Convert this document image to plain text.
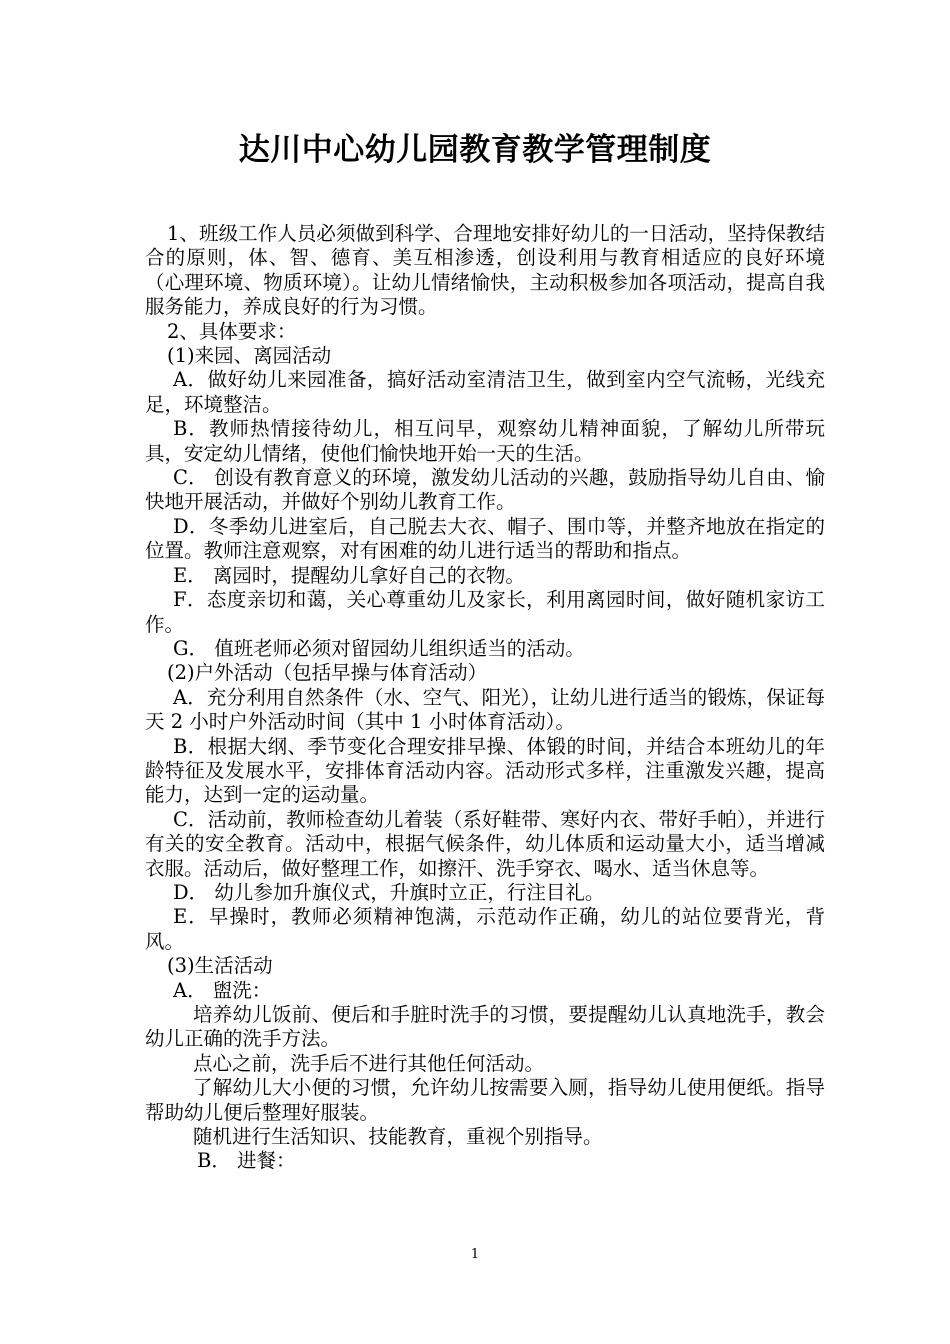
达川中心幼儿园教育教学管理制度

1、班级工作人员必须做到科学、合理地安排好幼儿的一日活动，坚持保教结合的原则，体、智、德育、美互相渗透，创设利用与教育相适应的良好环境（心理环境、物质环境）。让幼儿情绪愉快，主动积极参加各项活动，提高自我服务能力，养成良好的行为习惯。

2、具体要求：

(1)来园、离园活动

A．做好幼儿来园准备，搞好活动室清洁卫生，做到室内空气流畅，光线充足，环境整洁。

B．教师热情接待幼儿，相互问早，观察幼儿精神面貌，了解幼儿所带玩具，安定幼儿情绪，使他们愉快地开始一天的生活。

C． 创设有教育意义的环境，激发幼儿活动的兴趣，鼓励指导幼儿自由、愉快地开展活动，并做好个别幼儿教育工作。

D．冬季幼儿进室后，自己脱去大衣、帽子、围巾等，并整齐地放在指定的位置。教师注意观察，对有困难的幼儿进行适当的帮助和指点。

E． 离园时，提醒幼儿拿好自己的衣物。

F．态度亲切和蔼，关心尊重幼儿及家长，利用离园时间，做好随机家访工作。

G． 值班老师必须对留园幼儿组织适当的活动。

(2)户外活动（包括早操与体育活动）

A．充分利用自然条件（水、空气、阳光），让幼儿进行适当的锻炼，保证每天 2 小时户外活动时间（其中 1 小时体育活动）。

B．根据大纲、季节变化合理安排早操、体锻的时间，并结合本班幼儿的年龄特征及发展水平，安排体育活动内容。活动形式多样，注重激发兴趣，提高能力，达到一定的运动量。

C．活动前，教师检查幼儿着装（系好鞋带、寒好内衣、带好手帕），并进行有关的安全教育。活动中，根据气候条件，幼儿体质和运动量大小，适当增减衣服。活动后，做好整理工作，如擦汗、洗手穿衣、喝水、适当休息等。

D． 幼儿参加升旗仪式，升旗时立正，行注目礼。

E．早操时，教师必须精神饱满，示范动作正确，幼儿的站位要背光，背风。

(3)生活活动

A． 盥洗：

培养幼儿饭前、便后和手脏时洗手的习惯，要提醒幼儿认真地洗手，教会幼儿正确的洗手方法。

点心之前，洗手后不进行其他任何活动。

了解幼儿大小便的习惯，允许幼儿按需要入厕，指导幼儿使用便纸。指导帮助幼儿便后整理好服装。

随机进行生活知识、技能教育，重视个别指导。

B． 进餐：

1
